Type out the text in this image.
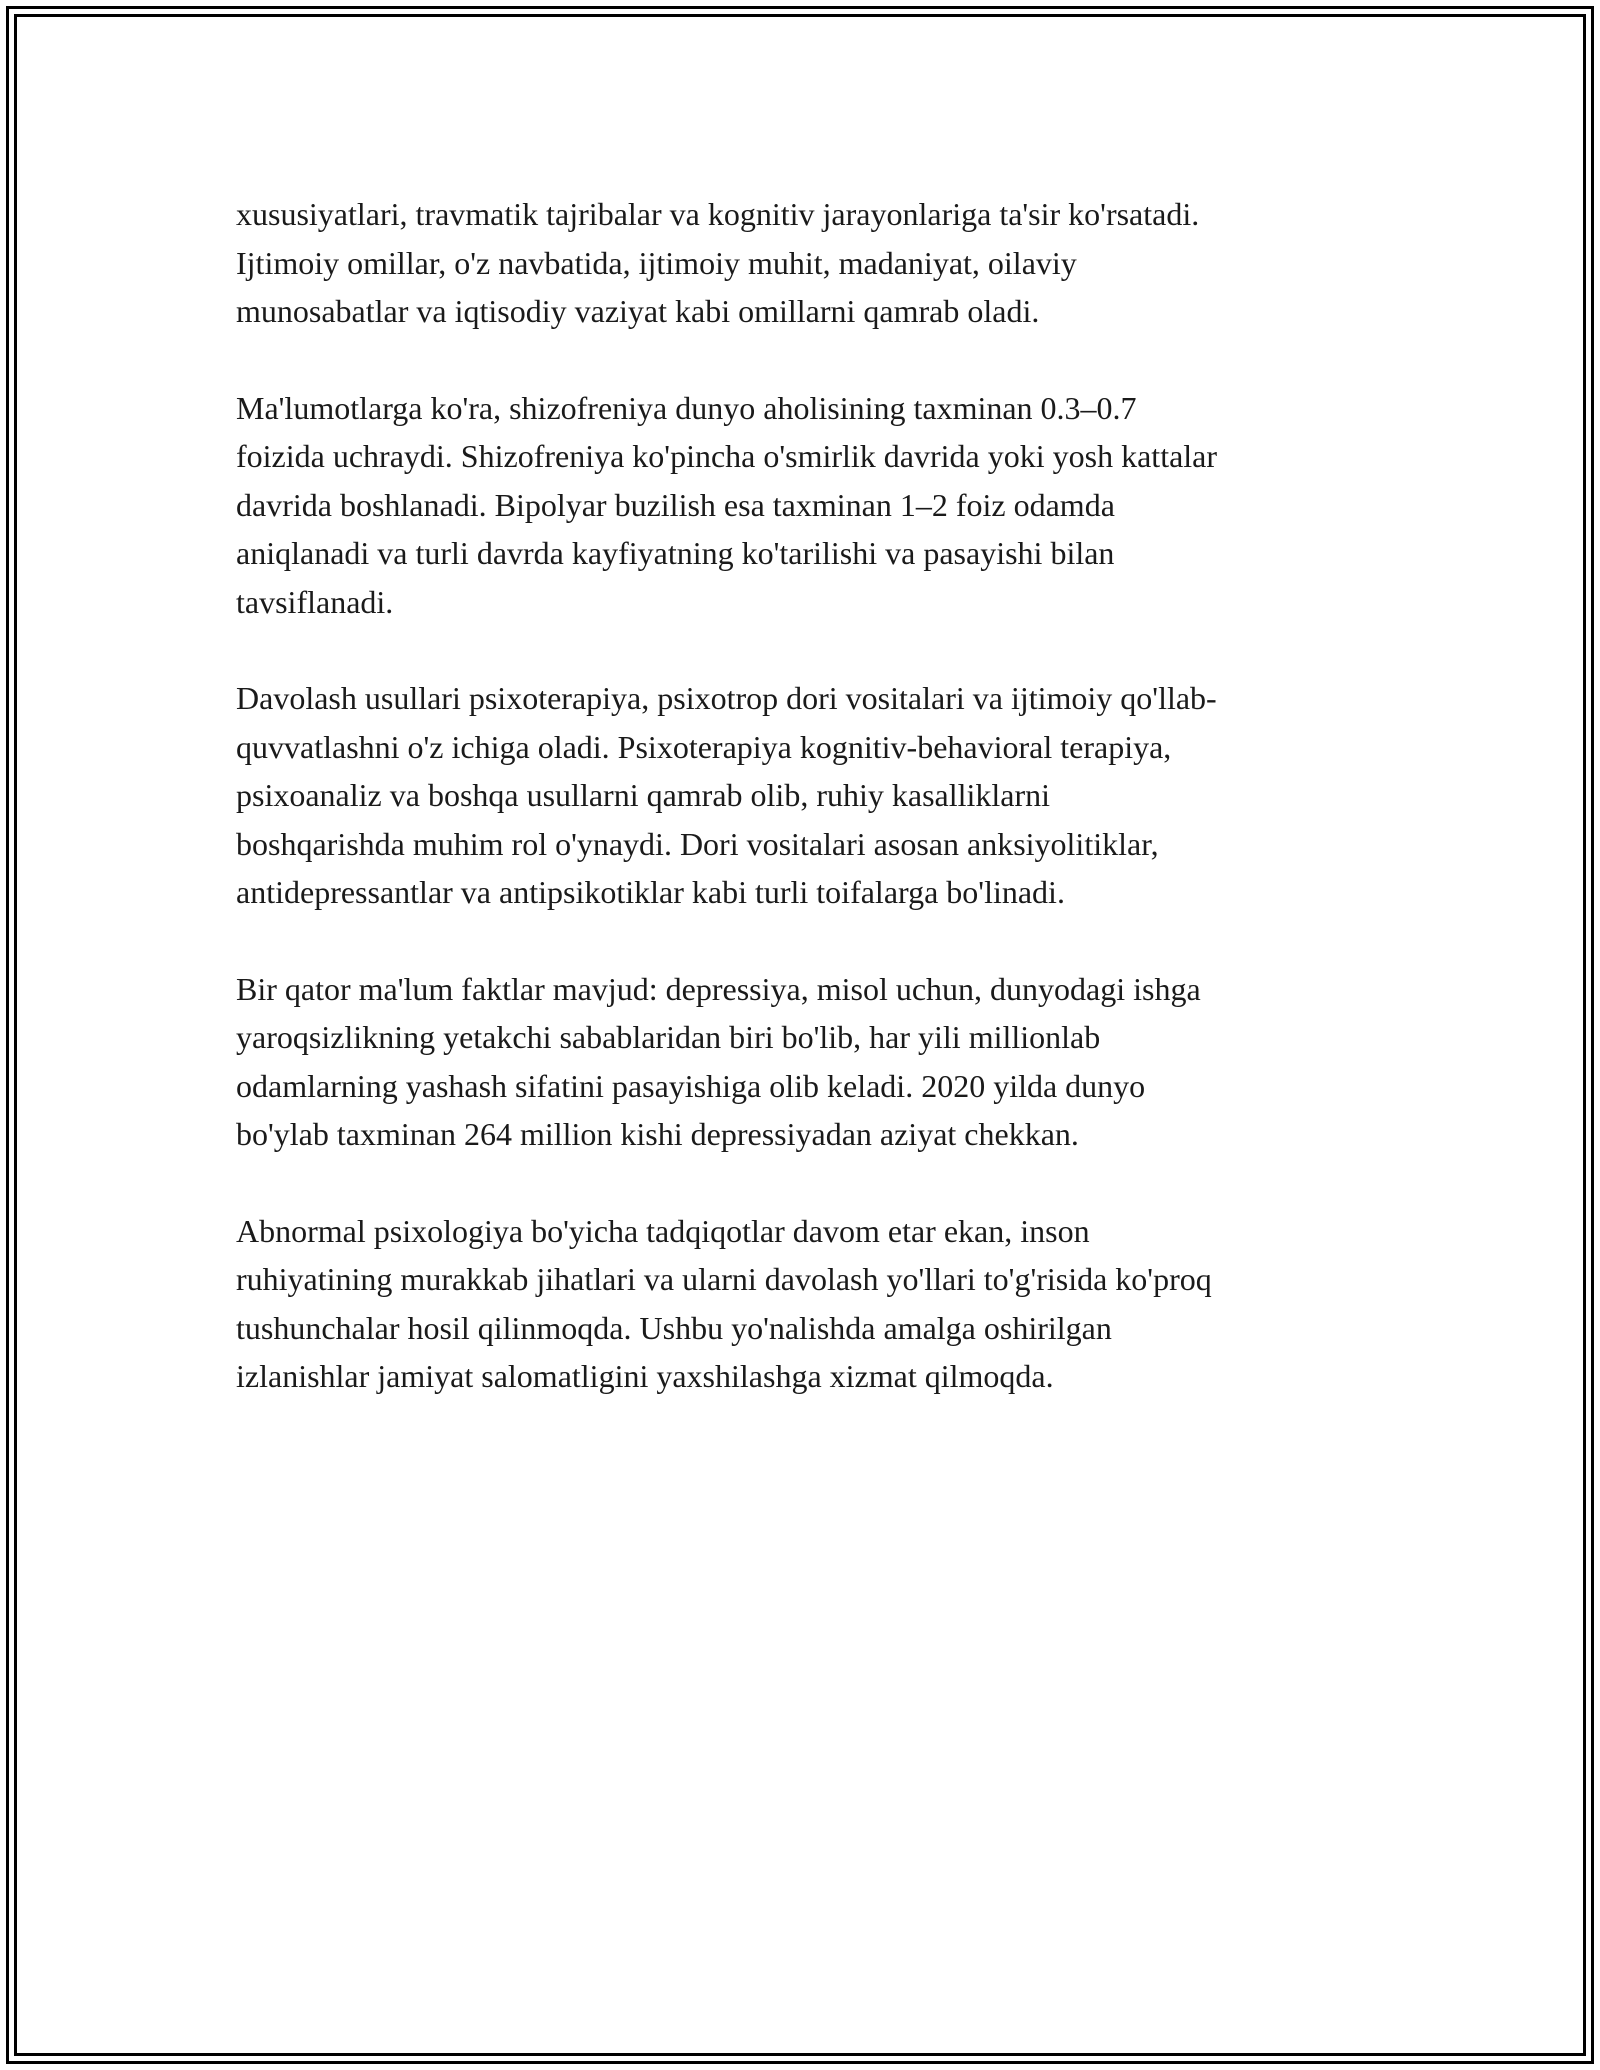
xususiyatlari, travmatik tajribalar va kognitiv jarayonlariga ta'sir ko'rsatadi.
Ijtimoiy omillar, o'z navbatida, ijtimoiy muhit, madaniyat, oilaviy
munosabatlar va iqtisodiy vaziyat kabi omillarni qamrab oladi.

Ma'lumotlarga ko'ra, shizofreniya dunyo aholisining taxminan 0.3–0.7
foizida uchraydi. Shizofreniya ko'pincha o'smirlik davrida yoki yosh kattalar
davrida boshlanadi. Bipolyar buzilish esa taxminan 1–2 foiz odamda
aniqlanadi va turli davrda kayfiyatning ko'tarilishi va pasayishi bilan
tavsiflanadi.

Davolash usullari psixoterapiya, psixotrop dori vositalari va ijtimoiy qo'llab-
quvvatlashni o'z ichiga oladi. Psixoterapiya kognitiv-behavioral terapiya,
psixoanaliz va boshqa usullarni qamrab olib, ruhiy kasalliklarni
boshqarishda muhim rol o'ynaydi. Dori vositalari asosan anksiyolitiklar,
antidepressantlar va antipsikotiklar kabi turli toifalarga bo'linadi.

Bir qator ma'lum faktlar mavjud: depressiya, misol uchun, dunyodagi ishga
yaroqsizlikning yetakchi sabablaridan biri bo'lib, har yili millionlab
odamlarning yashash sifatini pasayishiga olib keladi. 2020 yilda dunyo
bo'ylab taxminan 264 million kishi depressiyadan aziyat chekkan.

Abnormal psixologiya bo'yicha tadqiqotlar davom etar ekan, inson
ruhiyatining murakkab jihatlari va ularni davolash yo'llari to'g'risida ko'proq
tushunchalar hosil qilinmoqda. Ushbu yo'nalishda amalga oshirilgan
izlanishlar jamiyat salomatligini yaxshilashga xizmat qilmoqda.
